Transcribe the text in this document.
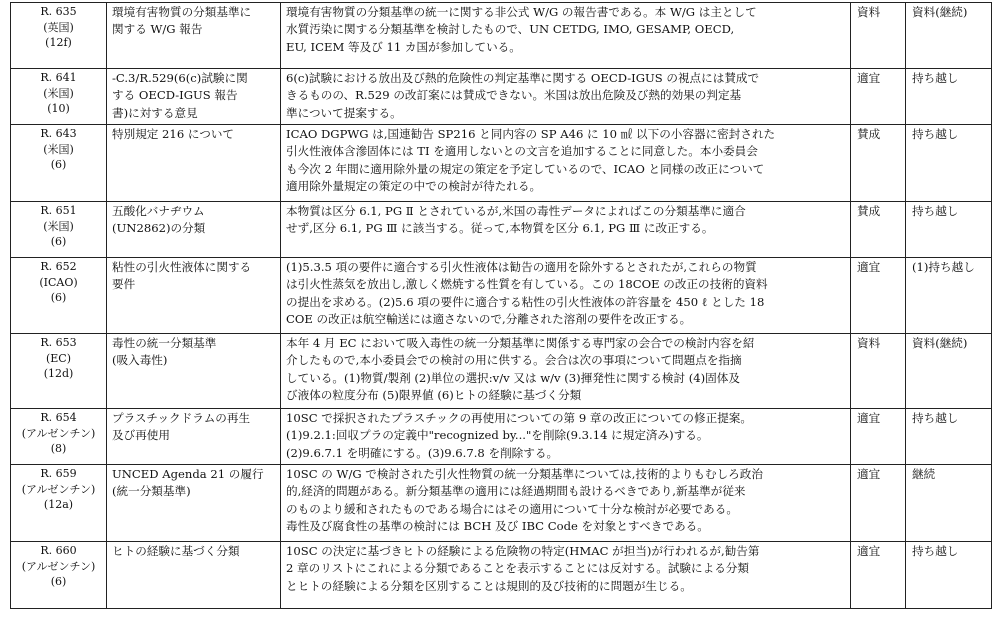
R. 635
(英国)
(12f)	環境有害物質の分類基準に
関する W/G 報告	環境有害物質の分類基準の統一に関する非公式 W/G の報告書である。本 W/G は主として
水質汚染に関する分類基準を検討したもので、UN CETDG, IMO, GESAMP, OECD,
EU, ICEM 等及び 11 カ国が参加している。	資料	資料(継続)

R. 641
(米国)
(10)	-C.3/R.529(6(c)試験に関
する OECD-IGUS 報告
書)に対する意見	6(c)試験における放出及び熱的危険性の判定基準に関する OECD-IGUS の視点には賛成で
きるものの、R.529 の改訂案には賛成できない。米国は放出危険及び熱的効果の判定基
準について提案する。	適宜	持ち越し

R. 643
(米国)
(6)	特別規定 216 について	ICAO DGPWG は,国連勧告 SP216 と同内容の SP A46 に 10 ㎖ 以下の小容器に密封された
引火性液体含滲固体には TI を適用しないとの文言を追加することに同意した。本小委員会
も今次 2 年間に適用除外量の規定の策定を予定しているので、ICAO と同様の改正について
適用除外量規定の策定の中での検討が待たれる。	賛成	持ち越し

R. 651
(米国)
(6)	五酸化バナヂウム
(UN2862)の分類	本物質は区分 6.1, PG Ⅱ とされているが,米国の毒性データによればこの分類基準に適合
せず,区分 6.1, PG Ⅲ に該当する。従って,本物質を区分 6.1, PG Ⅲ に改正する。	賛成	持ち越し

R. 652
(ICAO)
(6)	粘性の引火性液体に関する
要件	(1)5.3.5 項の要件に適合する引火性液体は勧告の適用を除外するとされたが,これらの物質
は引火性蒸気を放出し,激しく燃焼する性質を有している。この 18COE の改正の技術的資料
の提出を求める。(2)5.6 項の要件に適合する粘性の引火性液体の許容量を 450 ℓ とした 18
COE の改正は航空輸送には適さないので,分離された溶剤の要件を改正する。	適宜	(1)持ち越し

R. 653
(EC)
(12d)	毒性の統一分類基準
(吸入毒性)	本年 4 月 EC において吸入毒性の統一分類基準に関係する専門家の会合での検討内容を紹
介したもので,本小委員会での検討の用に供する。会合は次の事項について問題点を指摘
している。(1)物質/製剤 (2)単位の選択:v/v 又は w/v (3)揮発性に関する検討 (4)固体及
び液体の粒度分布 (5)限界値 (6)ヒトの経験に基づく分類	資料	資料(継続)

R. 654
(アルゼンチン)
(8)	プラスチックドラムの再生
及び再使用	10SC で採択されたプラスチックの再使用についての第 9 章の改正についての修正提案。
(1)9.2.1:回収プラの定義中"recognized by..."を削除(9.3.14 に規定済み)する。
(2)9.6.7.1 を明確にする。(3)9.6.7.8 を削除する。	適宜	持ち越し

R. 659
(アルゼンチン)
(12a)	UNCED Agenda 21 の履行
(統一分類基準)	10SC の W/G で検討された引火性物質の統一分類基準については,技術的よりもむしろ政治
的,経済的問題がある。新分類基準の適用には経過期間も設けるべきであり,新基準が従来
のものより緩和されたものである場合にはその適用について十分な検討が必要である。
毒性及び腐食性の基準の検討には BCH 及び IBC Code を対象とすべきである。	適宜	継続

R. 660
(アルゼンチン)
(6)	ヒトの経験に基づく分類	10SC の決定に基づきヒトの経験による危険物の特定(HMAC が担当)が行われるが,勧告第
2 章のリストにこれによる分類であることを表示することには反対する。試験による分類
とヒトの経験による分類を区別することは規則的及び技術的に問題が生じる。	適宜	持ち越し
